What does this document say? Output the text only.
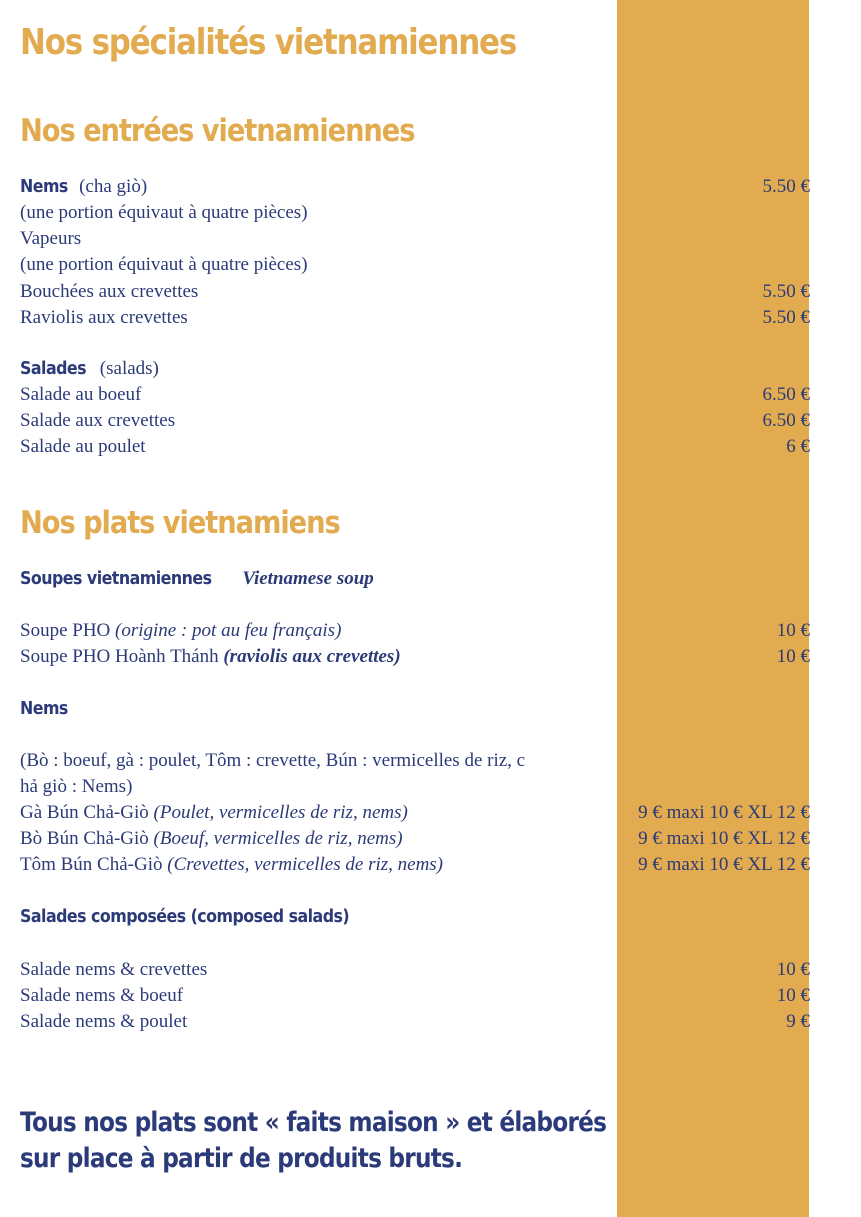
Nos spécialités vietnamiennes
Nos entrées vietnamiennes
Nems (cha giò)	5.50 €
(une portion équivaut à quatre pièces)
Vapeurs
(une portion équivaut à quatre pièces)
Bouchées aux crevettes	5.50 €
Raviolis aux crevettes	5.50 €
Salades (salads)
Salade au boeuf	6.50 €
Salade aux crevettes	6.50 €
Salade au poulet	6 €
Nos plats vietnamiens
Soupes vietnamiennes Vietnamese soup
Soupe PHO (origine : pot au feu français)	10 €
Soupe PHO Hoành Thánh (raviolis aux crevettes)	10 €
Nems
(Bò : boeuf, gà : poulet, Tôm : crevette, Bún : vermicelles de riz, c
hả giò : Nems)
Gà Bún Chả-Giò (Poulet, vermicelles de riz, nems)	9 € maxi 10 € XL 12 €
Bò Bún Chả-Giò (Boeuf, vermicelles de riz, nems)	9 € maxi 10 € XL 12 €
Tôm Bún Chả-Giò (Crevettes, vermicelles de riz, nems)	9 € maxi 10 € XL 12 €
Salades composées (composed salads)
Salade nems & crevettes	10 €
Salade nems & boeuf	10 €
Salade nems & poulet	9 €
Tous nos plats sont « faits maison » et élaborés
sur place à partir de produits bruts.
